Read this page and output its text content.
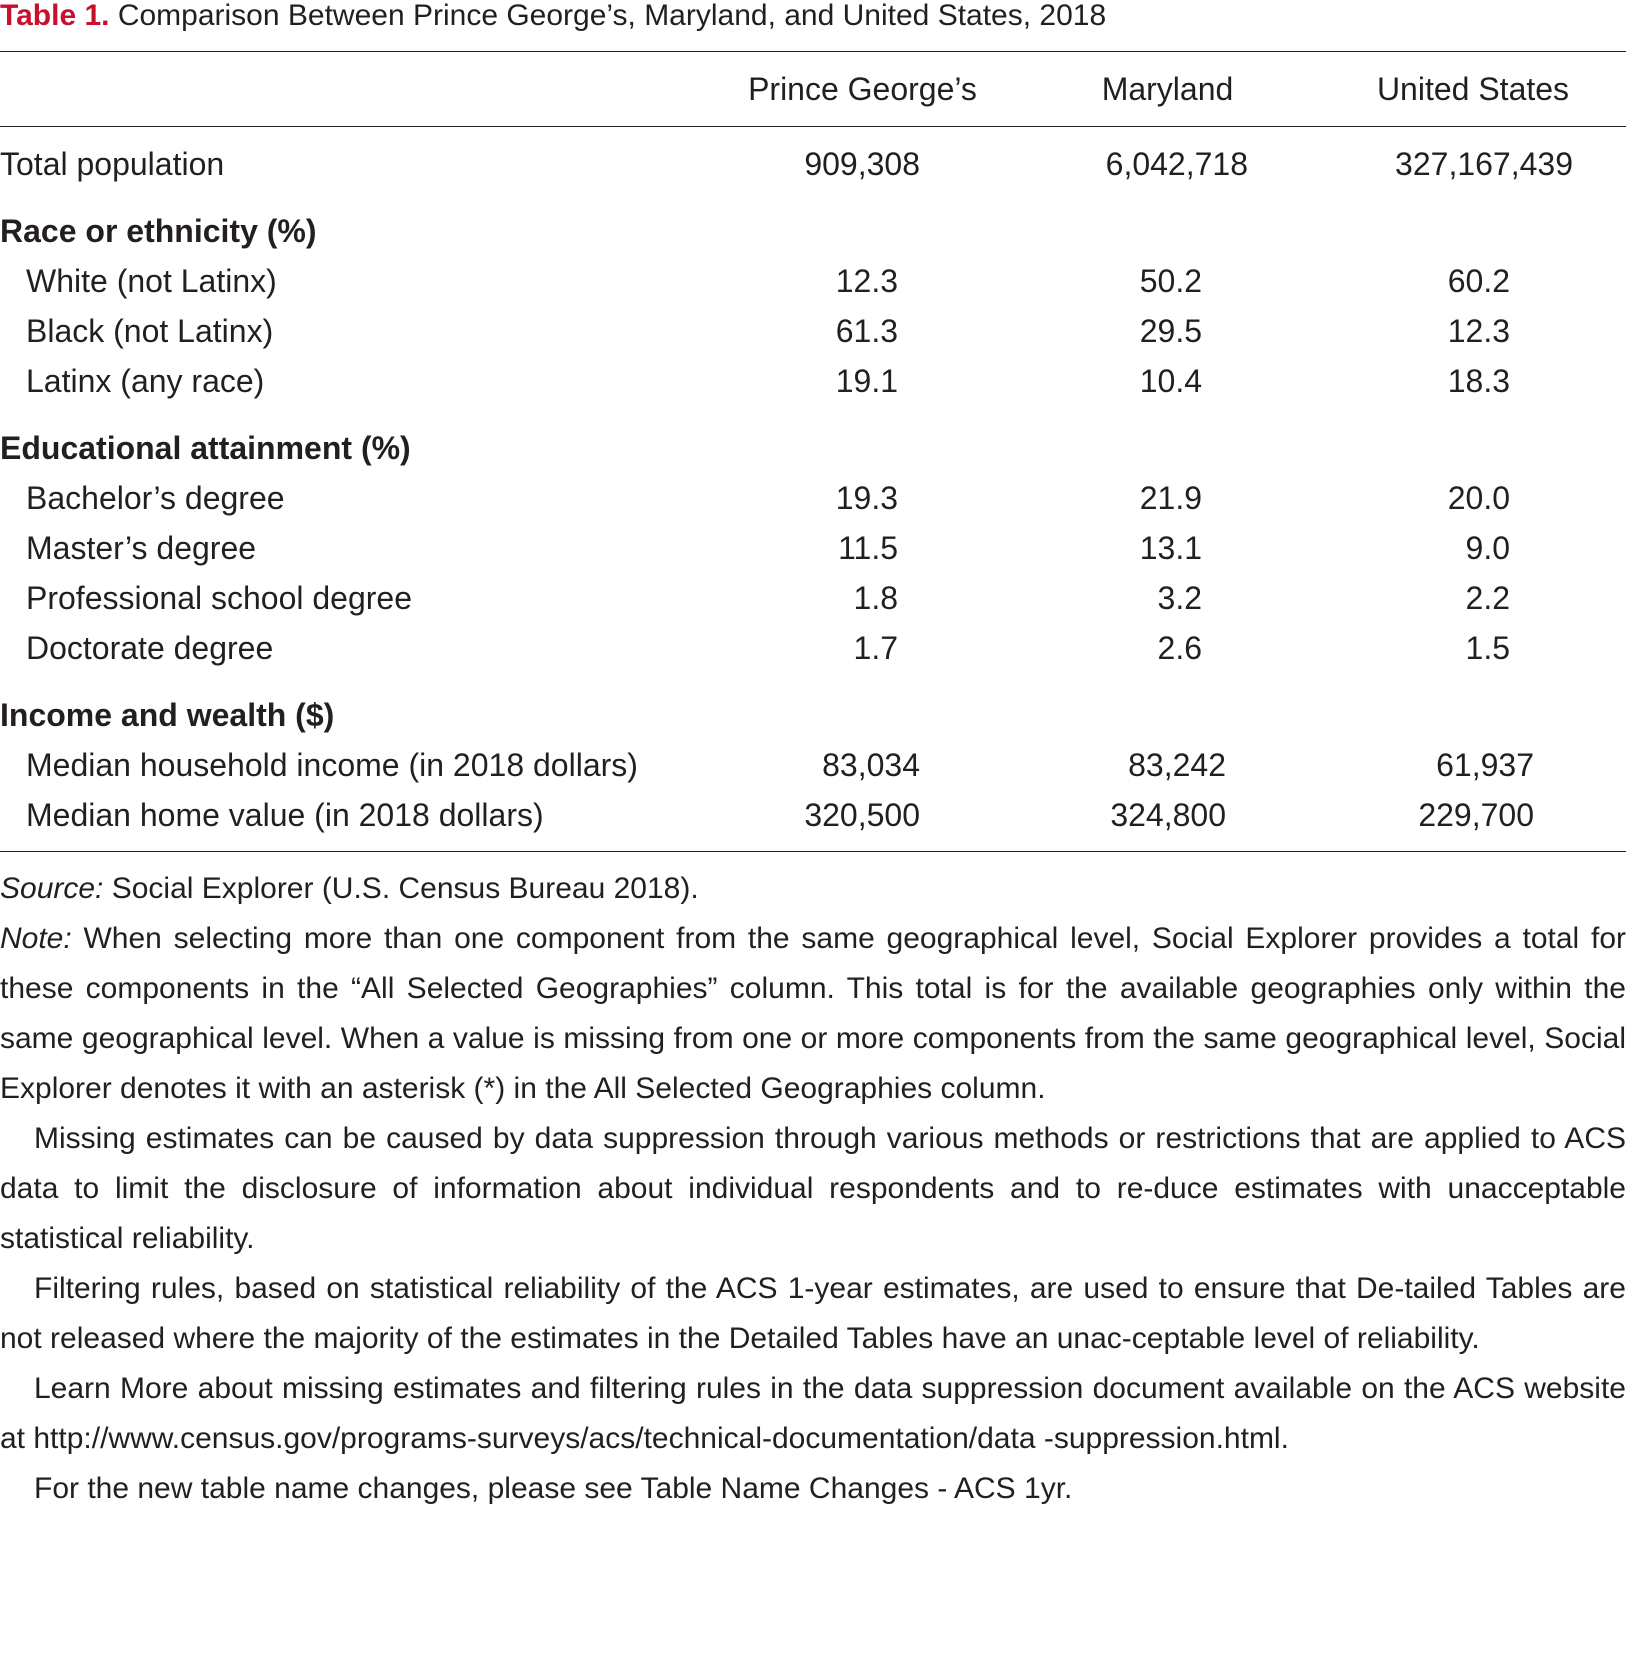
Table 1. Comparison Between Prince George’s, Maryland, and United States, 2018
Prince George’s	Maryland	United States
Total population	909,308	6,042,718	327,167,439
Race or ethnicity (%)
White (not Latinx)	12.3	50.2	60.2
Black (not Latinx)	61.3	29.5	12.3
Latinx (any race)	19.1	10.4	18.3
Educational attainment (%)
Bachelor’s degree	19.3	21.9	20.0
Master’s degree	11.5	13.1	9.0
Professional school degree	1.8	3.2	2.2
Doctorate degree	1.7	2.6	1.5
Income and wealth ($)
Median household income (in 2018 dollars)	83,034	83,242	61,937
Median home value (in 2018 dollars)	320,500	324,800	229,700

Source: Social Explorer (U.S. Census Bureau 2018).

Note: When selecting more than one component from the same geographical level, Social Explorer provides a total for these components in the “All Selected Geographies” column. This total is for the available geographies only within the same geographical level. When a value is missing from one or more components from the same geographical level, Social Explorer denotes it with an asterisk (*) in the All Selected Geographies column.

Missing estimates can be caused by data suppression through various methods or restrictions that are applied to ACS data to limit the disclosure of information about individual respondents and to re-duce estimates with unacceptable statistical reliability.

Filtering rules, based on statistical reliability of the ACS 1-year estimates, are used to ensure that De-tailed Tables are not released where the majority of the estimates in the Detailed Tables have an unac-ceptable level of reliability.

Learn More about missing estimates and filtering rules in the data suppression document available on the ACS website at http://www.census.gov/programs-surveys/acs/technical-documentation/data -suppression.html.

For the new table name changes, please see Table Name Changes - ACS 1yr.
